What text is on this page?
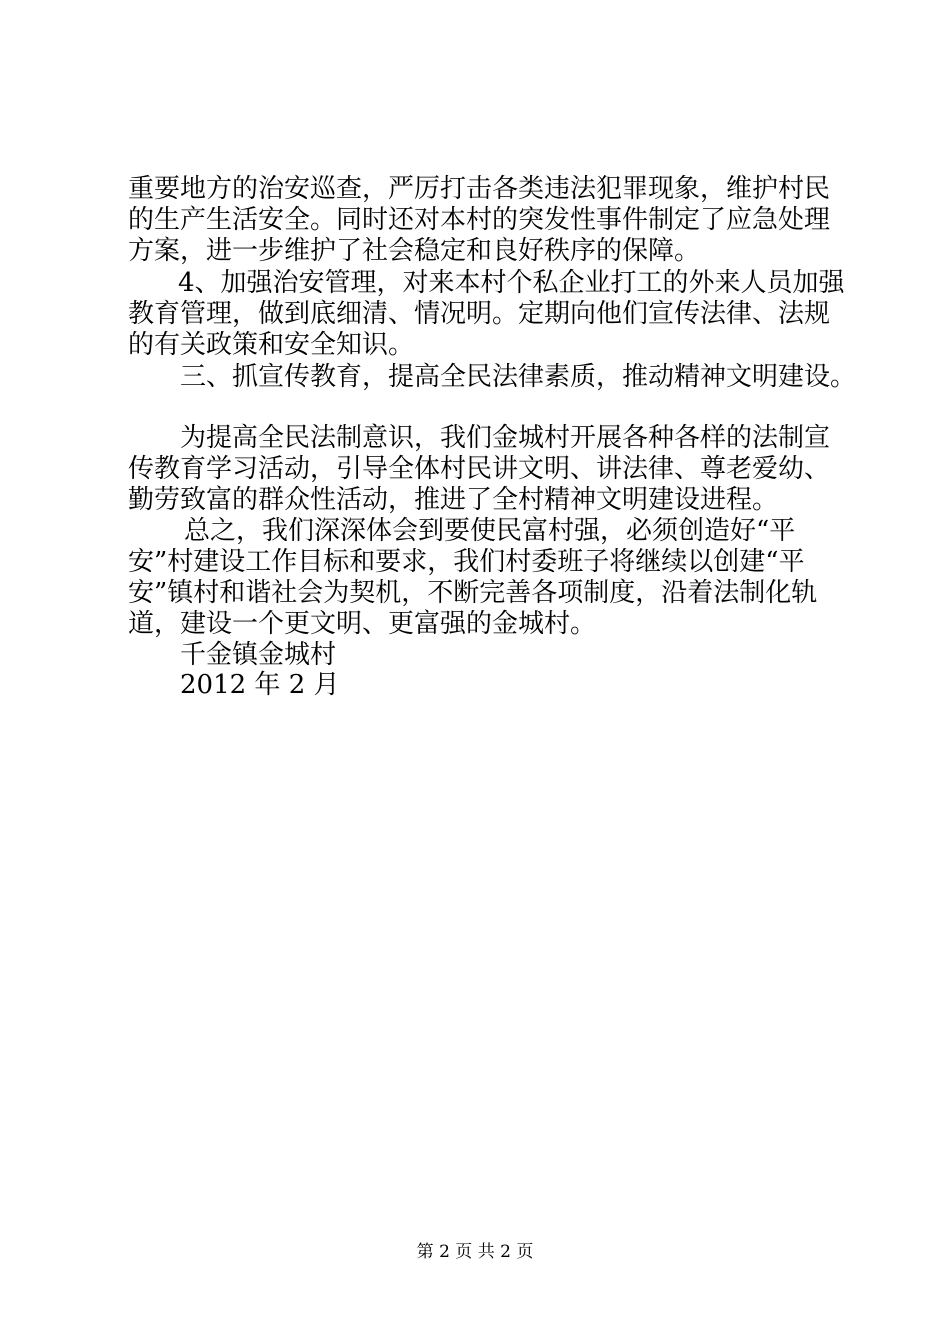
重要地方的治安巡查，严厉打击各类违法犯罪现象，维护村民
的生产生活安全。同时还对本村的突发性事件制定了应急处理
方案，进一步维护了社会稳定和良好秩序的保障。
4、加强治安管理，对来本村个私企业打工的外来人员加强
教育管理，做到底细清、情况明。定期向他们宣传法律、法规
的有关政策和安全知识。
三、抓宣传教育，提高全民法律素质，推动精神文明建设。
为提高全民法制意识，我们金城村开展各种各样的法制宣
传教育学习活动，引导全体村民讲文明、讲法律、尊老爱幼、
勤劳致富的群众性活动，推进了全村精神文明建设进程。
总之，我们深深体会到要使民富村强，必须创造好“平
安”村建设工作目标和要求，我们村委班子将继续以创建“平
安”镇村和谐社会为契机，不断完善各项制度，沿着法制化轨
道，建设一个更文明、更富强的金城村。
千金镇金城村
2012 年 2 月
第 2 页 共 2 页
